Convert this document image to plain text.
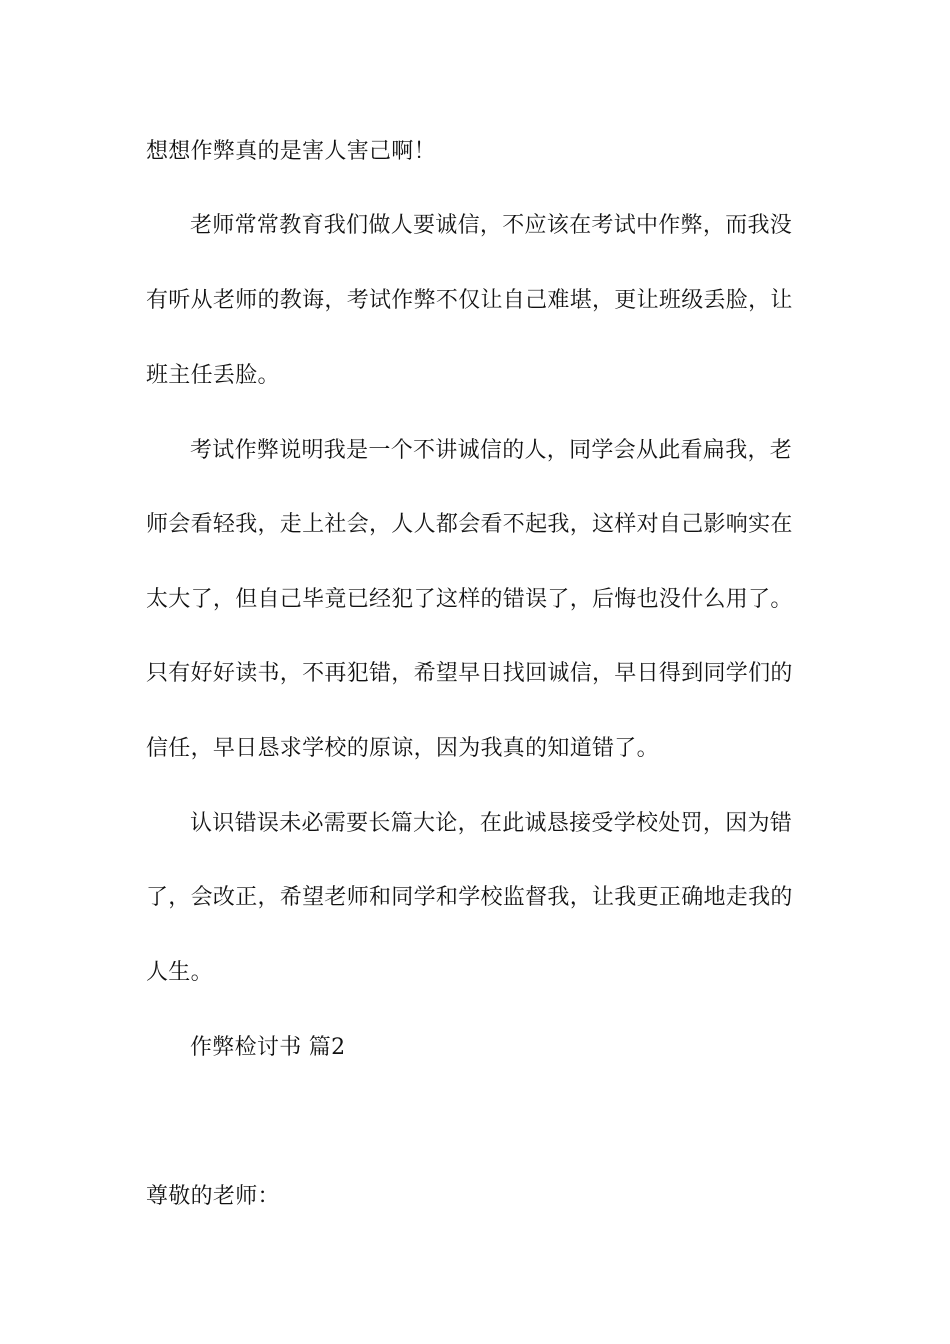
想想作弊真的是害人害己啊！
老师常常教育我们做人要诚信，不应该在考试中作弊，而我没
有听从老师的教诲，考试作弊不仅让自己难堪，更让班级丢脸，让
班主任丢脸。
考试作弊说明我是一个不讲诚信的人，同学会从此看扁我，老
师会看轻我，走上社会，人人都会看不起我，这样对自己影响实在
太大了，但自己毕竟已经犯了这样的错误了，后悔也没什么用了。
只有好好读书，不再犯错，希望早日找回诚信，早日得到同学们的
信任，早日恳求学校的原谅，因为我真的知道错了。
认识错误未必需要长篇大论，在此诚恳接受学校处罚，因为错
了，会改正，希望老师和同学和学校监督我，让我更正确地走我的
人生。
作弊检讨书 篇2
尊敬的老师：
